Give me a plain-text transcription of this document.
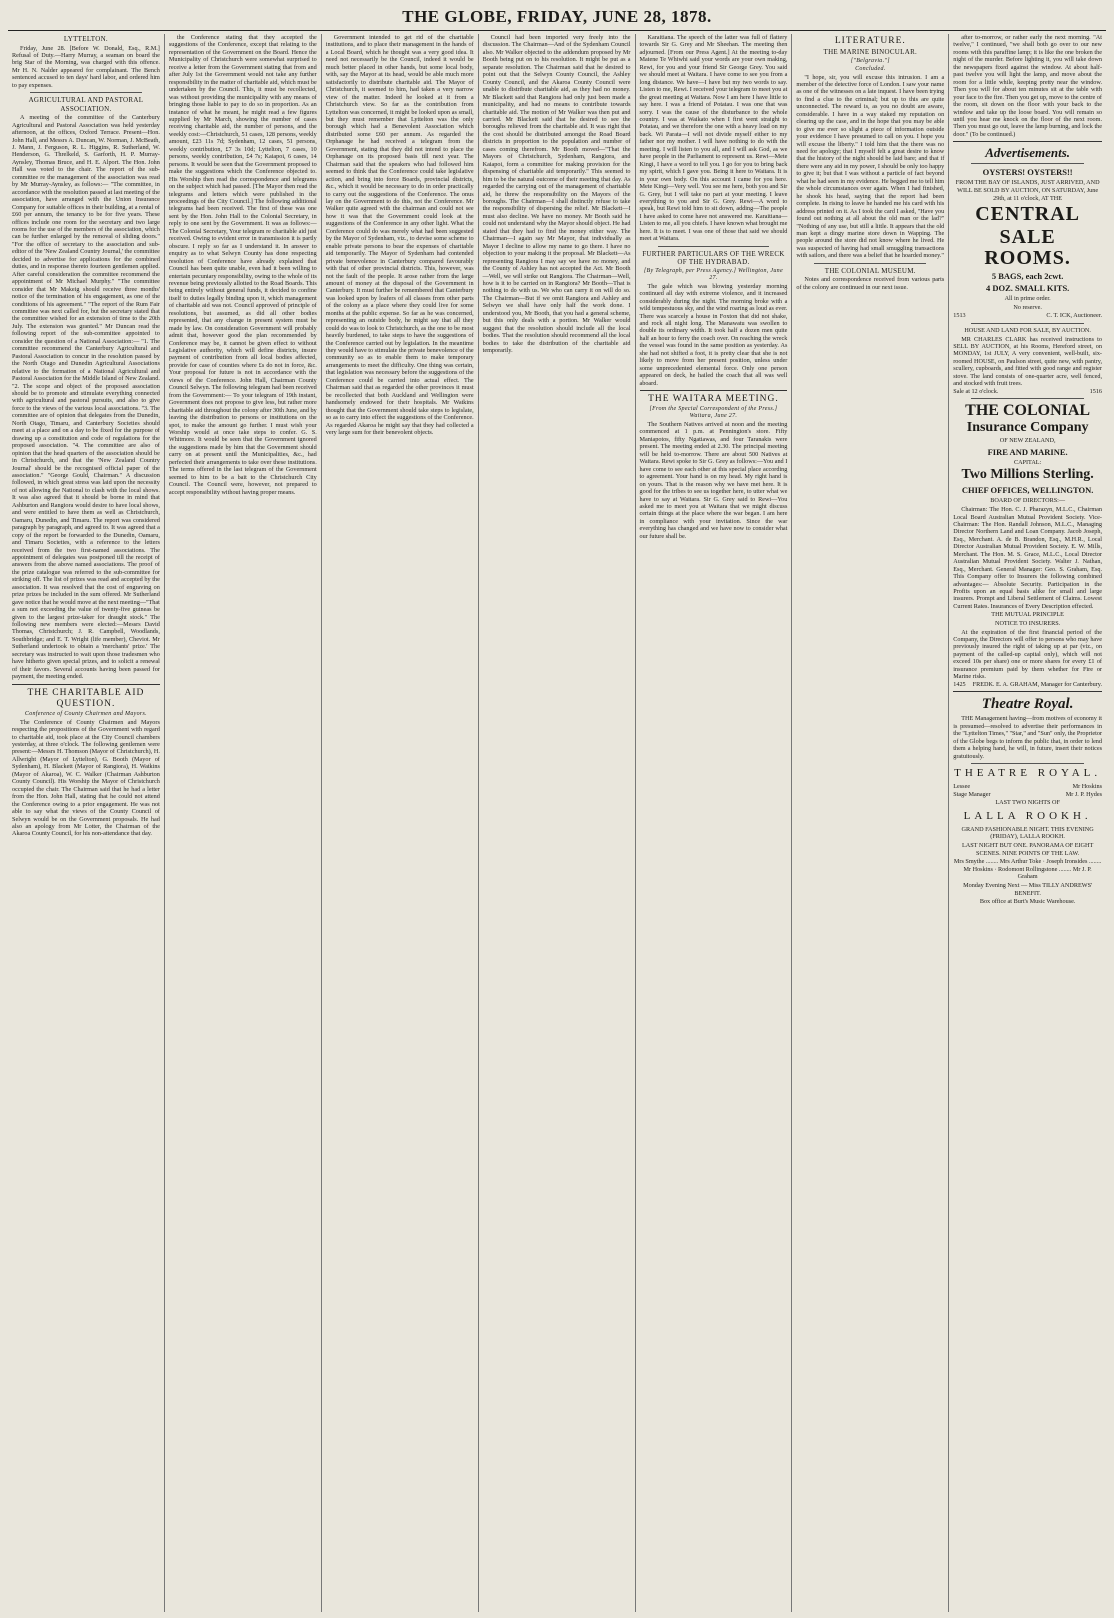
THE GLOBE, FRIDAY, JUNE 28, 1878.
LYTTELTON.

Friday, June 28. [Before W. Donald, Esq., R.M.] Refusal of Duty.—Harry Murray, a seaman on board the brig Star of the Morning, was charged with this offence. Mr H. N. Nalder appeared for complainant. The Bench sentenced accused to ten days' hard labor, and ordered him to pay expenses.

AGRICULTURAL AND PASTORAL ASSOCIATION.

A meeting of the committee of the Canterbury Agricultural and Pastoral Association was held yesterday afternoon, at the offices, Oxford Terrace. Present—Hon. John Hall, and Messrs A. Duncan, W. Norman, J. McBeath, J. Mann, J. Ferguson, R. L. Higgins, R. Sutherland, W. Henderson, G. Threlkeld, S. Garforth, H. P. Murray-Aynsley, Thomas Bruce, and H. E. Alport. The Hon. John Hall was voted to the chair. The report of the sub-committee re the management of the association was read by Mr Murray-Aynsley, as follows:— "The committee, in accordance with the resolution passed at last meeting of the association, have arranged with the Union Insurance Company for suitable offices in their building, at a rental of £60 per annum, the tenancy to be for five years. These offices include one room for the secretary and two large rooms for the use of the members of the association, which can be further enlarged by the removal of sliding doors." "For the office of secretary to the association and sub-editor of the 'New Zealand Country Journal,' the committee decided to advertise for applications for the combined duties, and in response thereto fourteen gentlemen applied. After careful consideration the committee recommend the appointment of Mr Michael Murphy." "The committee consider that Mr Makeig should receive three months' notice of the termination of his engagement, as one of the conditions of his agreement." "The report of the Rum Fair committee was next called for, but the secretary stated that the committee wished for an extension of time to the 20th July. The extension was granted." Mr Duncan read the following report of the sub-committee appointed to consider the question of a National Association:— "1. The committee recommend the Canterbury Agricultural and Pastoral Association to concur in the resolution passed by the North Otago and Dunedin Agricultural Associations relative to the formation of a National Agricultural and Pastoral Association for the Middle Island of New Zealand. "2. The scope and object of the proposed association should be to promote and stimulate everything connected with agricultural and pastoral pursuits, and also to give force to the views of the various local associations. "3. The committee are of opinion that delegates from the Dunedin, North Otago, Timaru, and Canterbury Societies should meet at a place and on a day to be fixed for the purpose of drawing up a constitution and code of regulations for the proposed association. "4. The committee are also of opinion that the head quarters of the association should be in Christchurch, and that the 'New Zealand Country Journal' should be the recognised official paper of the association." "George Gould, Chairman." A discussion followed, in which great stress was laid upon the necessity of not allowing the National to clash with the local shows. It was also agreed that it should be borne in mind that Ashburton and Rangiora would desire to have local shows, and were entitled to have them as well as Christchurch, Oamaru, Dunedin, and Timaru. The report was considered paragraph by paragraph, and agreed to. It was agreed that a copy of the report be forwarded to the Dunedin, Oamaru, and Timaru Societies, with a reference to the letters received from the two first-named associations. The appointment of delegates was postponed till the receipt of answers from the above named associations. The proof of the prize catalogue was referred to the sub-committee for striking off. The list of prizes was read and accepted by the association. It was resolved that the cost of engraving on prize prizes be included in the sum offered. Mr Sutherland gave notice that he would move at the next meeting—"That a sum not exceeding the value of twenty-five guineas be given to the largest prize-taker for draught stock." The following new members were elected:—Messrs David Thomas, Christchurch; J. R. Campbell, Woodlands, Southbridge; and E. T. Wright (life member), Cheviot. Mr Sutherland undertook to obtain a 'merchants' prize.' The secretary was instructed to wait upon those tradesmen who have hitherto given special prizes, and to solicit a renewal of their favors. Several accounts having been passed for payment, the meeting ended.

THE CHARITABLE AID QUESTION.
Conference of County Chairmen and Mayors.

The Conference of County Chairmen and Mayors respecting the propositions of the Government with regard to charitable aid, took place at the City Council chambers yesterday, at three o'clock. The following gentlemen were present:—Messrs H. Thomson (Mayor of Christchurch), H. Allwright (Mayor of Lyttelton), G. Booth (Mayor of Sydenham), H. Blackett (Mayor of Rangiora), H. Watkins (Mayor of Akaroa), W. C. Walker (Chairman Ashburton County Council). His Worship the Mayor of Christchurch occupied the chair. The Chairman said that he had a letter from the Hon. John Hall, stating that he could not attend the Conference owing to a prior engagement. He was not able to say what the views of the County Council of Selwyn would be on the Government proposals. He had also an apology from Mr Lotter, the Chairman of the Akaroa County Council, for his non-attendance that day.

the Conference stating that they accepted the suggestions of the Conference, except that relating to the representation of the Government on the Board. Hence the Municipality of Christchurch were somewhat surprised to receive a letter from the Government stating that from and after July 1st the Government would not take any further responsibility in the matter of charitable aid, which must be undertaken by the Council. This, it must be recollected, was without providing the municipality with any means of bringing those liable to pay to do so in proportion. As an instance of what he meant, he might read a few figures supplied by Mr March, showing the number of cases receiving charitable aid, the number of persons, and the weekly cost:—Christchurch, 51 cases, 128 persons, weekly amount, £23 11s 7d; Sydenham, 12 cases, 51 persons, weekly contribution, £7 3s 10d; Lyttelton, 7 cases, 10 persons, weekly contribution, £4 7s; Kaiapoi, 6 cases, 14 persons. It would be seen that the Government proposed to make the suggestions which the Conference objected to. His Worship then read the correspondence and telegrams on the subject which had passed. [The Mayor then read the telegrams and letters which were published in the proceedings of the City Council.] The following additional telegrams had been received. The first of these was one sent by the Hon. John Hall to the Colonial Secretary, in reply to one sent by the Government. It was as follows:— The Colonial Secretary, Your telegram re charitable aid just received. Owing to evident error in transmission it is partly obscure. I reply so far as I understand it. In answer to enquiry as to what Selwyn County has done respecting resolution of Conference have already explained that Council has been quite unable, even had it been willing to entertain pecuniary responsibility, owing to the whole of its revenue being previously allotted to the Road Boards. This being entirely without general funds, it decided to confine itself to duties legally binding upon it, which management of charitable aid was not. Council approved of principle of resolutions, but assumed, as did all other bodies represented, that any change in present system must be made by law. On consideration Government will probably admit that, however good the plan recommended by Conference may be, it cannot be given effect to without Legislative authority, which will define districts, insure payment of contribution from all local bodies affected, provide for case of counties where £s do not in force, &c. Your proposal for future is not in accordance with the views of the Conference. John Hall, Chairman County Council Selwyn. The following telegram had been received from the Government:— To your telegram of 19th instant, Government does not propose to give less, but rather more charitable aid throughout the colony after 30th June, and by leaving the distribution to persons or institutions on the spot, to make the amount go further. I must wish your Worship would at once take steps to confer. G. S. Whitmore. It would be seen that the Government ignored the suggestions made by him that the Government should carry on at present until the Municipalities, &c., had perfected their arrangements to take over these institutions. The terms offered in the last telegram of the Government seemed to him to be a bait to the Christchurch City Council. The Council were, however, not prepared to accept responsibility without having proper means.

Government intended to get rid of the charitable institutions, and to place their management in the hands of a Local Board, which he thought was a very good idea. It need not necessarily be the Council, indeed it would be much better placed in other hands, but some local body, with, say the Mayor at its head, would be able much more satisfactorily to distribute charitable aid. The Mayor of Christchurch, it seemed to him, had taken a very narrow view of the matter. Indeed he looked at it from a Christchurch view. So far as the contribution from Lyttelton was concerned, it might be looked upon as small, but they must remember that Lyttelton was the only borough which had a Benevolent Association which distributed some £60 per annum. As regarded the Orphanage he had received a telegram from the Government, stating that they did not intend to place the Orphanage on its proposed basis till next year. The Chairman said that the speakers who had followed him seemed to think that the Conference could take legislative action, and bring into force Boards, provincial districts, &c., which it would be necessary to do in order practically to carry out the suggestions of the Conference. The onus lay on the Government to do this, not the Conference. Mr Walker quite agreed with the chairman and could not see how it was that the Government could look at the suggestions of the Conference in any other light. What the Conference could do was merely what had been suggested by the Mayor of Sydenham, viz., to devise some scheme to enable private persons to bear the expenses of charitable aid temporarily. The Mayor of Sydenham had contended private benevolence in Canterbury compared favourably with that of other provincial districts. This, however, was not the fault of the people. It arose rather from the large amount of money at the disposal of the Government in Canterbury. It must further be remembered that Canterbury was looked upon by loafers of all classes from other parts of the colony as a place where they could live for some months at the public expense. So far as he was concerned, representing an outside body, he might say that all they could do was to look to Christchurch, as the one to be most heavily burdened, to take steps to have the suggestions of the Conference carried out by legislation. In the meantime they would have to stimulate the private benevolence of the community so as to enable them to make temporary arrangements to meet the difficulty. One thing was certain, that legislation was necessary before the suggestions of the Conference could be carried into actual effect. The Chairman said that as regarded the other provinces it must be recollected that both Auckland and Wellington were handsomely endowed for their hospitals. Mr Watkins thought that the Government should take steps to legislate, so as to carry into effect the suggestions of the Conference. As regarded Akaroa he might say that they had collected a very large sum for their benevolent objects.

Council had been imported very freely into the discussion. The Chairman—And of the Sydenham Council also. Mr Walker objected to the addendum proposed by Mr Booth being put on to his resolution. It might be put as a separate resolution. The Chairman said that he desired to point out that the Selwyn County Council, the Ashley County Council, and the Akaroa County Council were unable to distribute charitable aid, as they had no money. Mr Blackett said that Rangiora had only just been made a municipality, and had no means to contribute towards charitable aid. The motion of Mr Walker was then put and carried. Mr Blackett said that he desired to see the boroughs relieved from the charitable aid. It was right that the cost should be distributed amongst the Road Board districts in proportion to the population and number of cases coming therefrom. Mr Booth moved—"That the Mayors of Christchurch, Sydenham, Rangiora, and Kaiapoi, form a committee for making provision for the dispensing of charitable aid temporarily." This seemed to him to be the natural outcome of their meeting that day. As regarded the carrying out of the management of charitable aid, he threw the responsibility on the Mayors of the boroughs. The Chairman—I shall distinctly refuse to take the responsibility of dispersing the relief. Mr Blackett—I must also decline. We have no money. Mr Booth said he could not understand why the Mayor should object. He had stated that they had to find the money either way. The Chairman—I again say Mr Mayor, that individually as Mayor I decline to allow my name to go there. I have no objection to your making it the proposal. Mr Blackett—As representing Rangiora I may say we have no money, and the County of Ashley has not accepted the Act. Mr Booth—Well, we will strike out Rangiora. The Chairman—Well, how is it to be carried on in Rangiora? Mr Booth—That is nothing to do with us. We who can carry it on will do so. The Chairman—But if we omit Rangiora and Ashley and Selwyn we shall have only half the work done. I understood you, Mr Booth, that you had a general scheme, but this only deals with a portion. Mr Walker would suggest that the resolution should include all the local bodies. That the resolution should recommend all the local bodies to take the distribution of the charitable aid temporarily.

Karaitiana. The speech of the latter was full of flattery towards Sir G. Grey and Mr Sheehan. The meeting then adjourned. [From our Press Agent.] At the meeting to-day Matene Te Whiwhi said your words are your own making, Rewi, for you and your friend Sir George Grey. You said we should meet at Waitara. I have come to see you from a long distance. We have—I have but my two words to say. Listen to me, Rewi. I received your telegram to meet you at the great meeting at Waitara. Now I am here I have little to say here. I was a friend of Potatau. I was one that was sorry. I was the cause of the disturbance to the whole country. I was at Waikato when I first went straight to Potatau, and we therefore the one with a heavy load on my back. Wi Parata—I will not divide myself either to my father nor my mother. I will have nothing to do with the meeting. I will listen to you all, and I will ask God, as we have people in the Parliament to represent us. Rewi—Mete Kingi, I have a word to tell you. I go for you to bring back my spirit, which I gave you. Being it here to Waitara. It is in your own body. On this account I came for you here. Mete Kingi—Very well. You see me here, both you and Sir G. Grey, but I will take no part at your meeting. I leave everything to you and Sir G. Grey. Rewi—A word to speak, but Rewi told him to sit down, adding—The people I have asked to come have not answered me. Karaitiana—Listen to me, all you chiefs. I have known what brought me here. It is to meet. I was one of those that said we should meet at Waitara.

FURTHER PARTICULARS OF THE WRECK OF THE HYDRABAD.
[By Telegraph, per Press Agency.] Wellington, June 27.

The gale which was blowing yesterday morning continued all day with extreme violence, and it increased considerably during the night. The morning broke with a wild tempestuous sky, and the wind roaring as loud as ever. There was scarcely a house in Foxton that did not shake, and rock all night long. The Manawatu was swollen to double its ordinary width. It took half a dozen men quite half an hour to ferry the coach over. On reaching the wreck the vessel was found in the same position as yesterday. As she had not shifted a foot, it is pretty clear that she is not likely to move from her present position, unless under some unprecedented elemental force. Only one person appeared on deck, he hailed the coach that all was well aboard.

THE WAITARA MEETING.
[From the Special Correspondent of the Press.] Waitara, June 27.

The Southern Natives arrived at noon and the meeting commenced at 1 p.m. at Pennington's store. Fifty Maniapotos, fifty Ngatiawas, and four Taranakis were present. The meeting ended at 2.30. The principal meeting will be held to-morrow. There are about 500 Natives at Waitara. Rewi spoke to Sir G. Grey as follows:—You and I have come to see each other at this special place according to agreement. Your hand is on my head. My right hand is on yours. That is the reason why we have met here. It is good for the tribes to see us together here, to utter what we have to say at Waitara. Sir G. Grey said to Rewi—You asked me to meet you at Waitara that we might discuss certain things at the place where the war began. I am here in compliance with your invitation. Since the war everything has changed and we have now to consider what our future shall be.

LITERATURE.
THE MARINE BINOCULAR.
["Belgravia."]
Concluded.

"I hope, sir, you will excuse this intrusion. I am a member of the detective force of London. I saw your name as one of the witnesses on a late inquest. I have been trying to find a clue to the criminal; but up to this are quite unconnected. The reward is, as you no doubt are aware, considerable. I have in a way staked my reputation on clearing up the case, and in the hope that you may be able to give me ever so slight a piece of information outside your evidence I have presumed to call on you. I hope you will excuse the liberty." I told him that the there was no need for apology; that I myself felt a great desire to know that the history of the night should be laid bare; and that if there were any aid in my power, I should be only too happy to give it; but that I was without a particle of fact beyond what he had seen in my evidence. He begged me to tell him the whole circumstances over again. When I had finished, he shook his head, saying that the report had been complete. In rising to leave he handed me his card with his address printed on it. As I took the card I asked, "Have you found out nothing at all about the old man or the lad?" "Nothing of any use, but still a little. It appears that the old man kept a dingy marine store down in Wapping. The people around the store did not know where he lived. He was suspected of having had small smuggling transactions with sailors, and there was a belief that he hoarded money."

THE COLONIAL MUSEUM.

Notes and correspondence received from various parts of the colony are continued in our next issue.

after to-morrow, or rather early the next morning. "At twelve," I continued, "we shall both go over to our new rooms with this paraffine lamp; it is like the one broken the night of the murder. Before lighting it, you will take down the newspapers fixed against the window. At about half-past twelve you will light the lamp, and move about the room for a little while, keeping pretty near the window. Then you will for about ten minutes sit at the table with your face to the fire. Then you get up, move to the centre of the room, sit down on the floor with your back to the window and take up the loose board. You will remain so until you hear me knock on the floor of the next room. Then you must go out, leave the lamp burning, and lock the door." (To be continued.)

Advertisements.
OYSTERS! OYSTERS!!
FROM THE BAY OF ISLANDS, JUST ARRIVED, AND WILL BE SOLD BY AUCTION, ON SATURDAY, June 29th, at 11 o'clock, AT THE
CENTRAL
SALE ROOMS.
5 BAGS, each 2cwt.
4 DOZ. SMALL KITS.
All in prime order.
No reserve.
1513	C. T. ICK, Auctioneer.
HOUSE AND LAND FOR SALE, BY AUCTION.

MR CHARLES CLARK has received instructions to SELL BY AUCTION, at his Rooms, Hereford street, on MONDAY, 1st JULY, A very convenient, well-built, six-roomed HOUSE, on Paulson street, quite new, with pantry, scullery, cupboards, and fitted with good range and register stove. The land consists of one-quarter acre, well fenced, and stocked with fruit trees.

Sale at 12 o'clock.	1516
THE COLONIAL
Insurance Company
OF NEW ZEALAND,
FIRE AND MARINE.
CAPITAL:
Two Millions Sterling.
CHIEF OFFICES, WELLINGTON.
BOARD OF DIRECTORS:—

Chairman: The Hon. C. J. Pharazyn, M.L.C., Chairman Local Board Australian Mutual Provident Society. Vice-Chairman: The Hon. Randall Johnson, M.L.C., Managing Director Northern Land and Loan Company. Jacob Joseph, Esq., Merchant. A. de B. Brandon, Esq., M.H.R., Local Director Australian Mutual Provident Society. E. W. Mills, Merchant. The Hon. M. S. Grace, M.L.C., Local Director Australian Mutual Provident Society. Walter J. Nathan, Esq., Merchant. General Manager: Geo. S. Graham, Esq. This Company offer to Insurers the following combined advantages:— Absolute Security. Participation in the Profits upon an equal basis alike for small and large insurers. Prompt and Liberal Settlement of Claims. Lowest Current Rates. Insurances of Every Description effected.

THE MUTUAL PRINCIPLE
NOTICE TO INSURERS.

At the expiration of the first financial period of the Company, the Directors will offer to persons who may have previously insured the right of taking up at par (viz., on payment of the called-up capital only), which will not exceed 10s per share) one or more shares for every £1 of insurance premium paid by them whether for Fire or Marine risks.

1425 FREDK. E. A. GRAHAM, Manager for Canterbury.
Theatre Royal.

THE Management having—from motives of economy it is presumed—resolved to advertise their performances in the "Lyttelton Times," "Star," and "Sun" only, the Proprietor of the Globe begs to inform the public that, in order to lend them a helping hand, he will, in future, insert their notices gratuitously.

THEATRE ROYAL.
Lessee	Mr Hoskins
Stage Manager	Mr J. P. Hydes
LAST TWO NIGHTS OF
LALLA ROOKH.
GRAND FASHIONABLE NIGHT. THIS EVENING (FRIDAY), LALLA ROOKH.
LAST NIGHT BUT ONE. PANORAMA OF EIGHT SCENES. NINE POINTS OF THE LAW.
Mrs Smythe ........ Mrs Arthur Toke · Joseph Ironsides ........ Mr Hoskins · Rodomont Rollingstone ........ Mr J. P. Graham
Monday Evening Next — Miss TILLY ANDREWS' BENEFIT.
Box office at Burt's Music Warehouse.
